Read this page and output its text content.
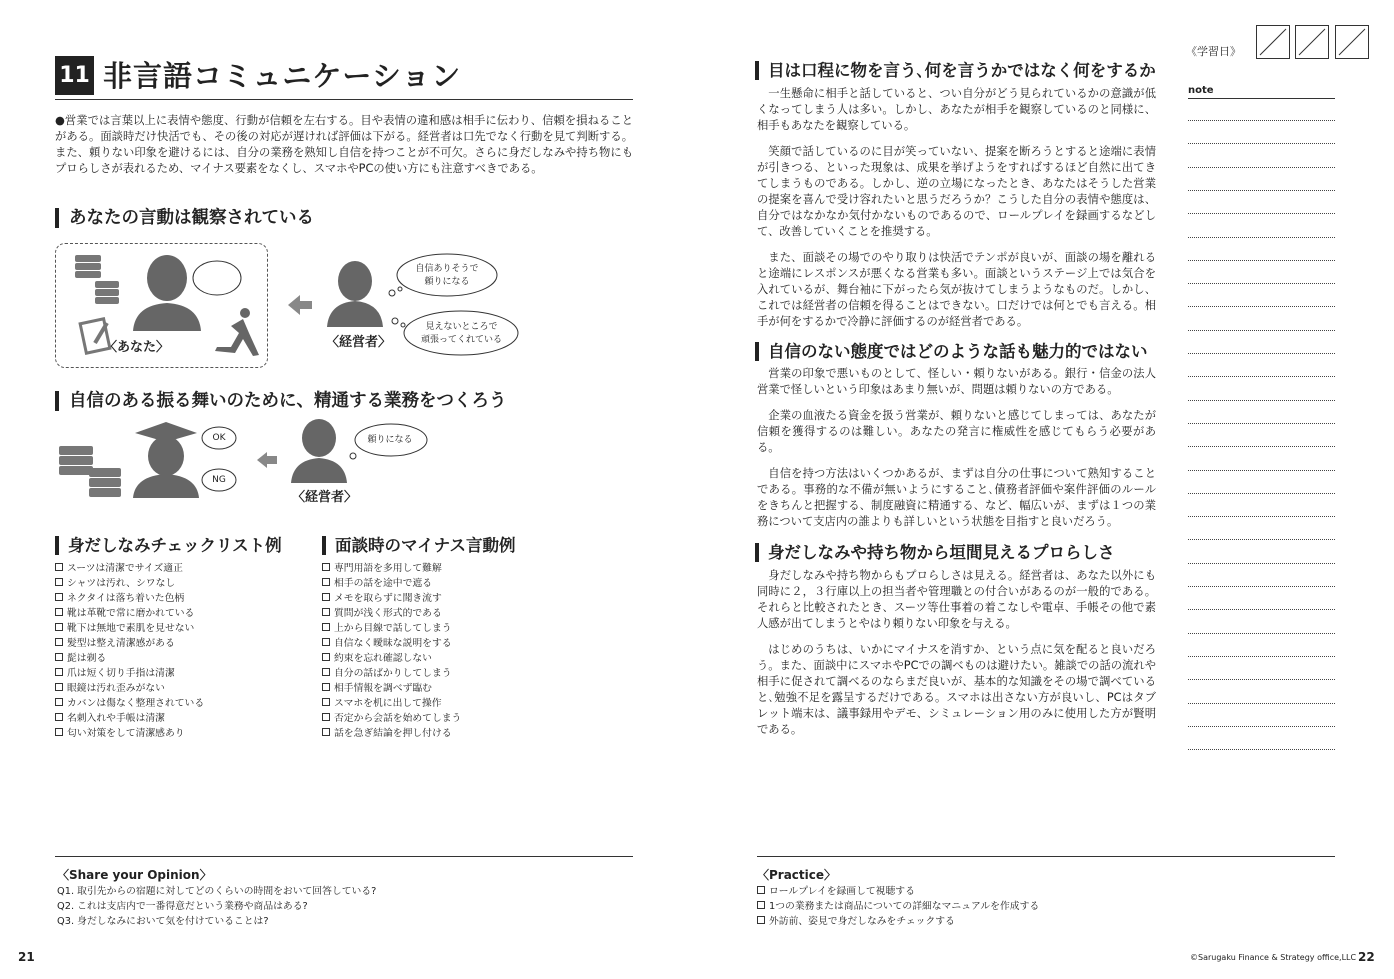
11 非言語コミュニケーション

●営業では言葉以上に表情や態度、行動が信頼を左右する。目や表情の違和感は相手に伝わり、信頼を損ねることがある。面談時だけ快活でも、その後の対応が遅ければ評価は下がる。経営者は口先でなく行動を見て判断する。また、頼りない印象を避けるには、自分の業務を熟知し自信を持つことが不可欠。さらに身だしなみや持ち物にもプロらしさが表れるため、マイナス要素をなくし、スマホやPCの使い方にも注意すべきである。

あなたの言動は観察されている
〈あなた〉	〈経営者〉
自信ありそうで
頼りになる
見えないところで
頑張ってくれている
自信のある振る舞いのために、精通する業務をつくろう
OK
NG
頼りになる
〈経営者〉
身だしなみチェックリスト例
スーツは清潔でサイズ適正
シャツは汚れ、シワなし
ネクタイは落ち着いた色柄
靴は革靴で常に磨かれている
靴下は無地で素肌を見せない
髪型は整え清潔感がある
髭は剃る
爪は短く切り手指は清潔
眼鏡は汚れ歪みがない
カバンは傷なく整理されている
名刺入れや手帳は清潔
匂い対策をして清潔感あり
面談時のマイナス言動例
専門用語を多用して難解
相手の話を途中で遮る
メモを取らずに聞き流す
質問が浅く形式的である
上から目線で話してしまう
自信なく曖昧な説明をする
約束を忘れ確認しない
自分の話ばかりしてしまう
相手情報を調べず臨む
スマホを机に出して操作
否定から会話を始めてしまう
話を急ぎ結論を押し付ける
〈Share your Opinion〉
Q1. 取引先からの宿題に対してどのくらいの時間をおいて回答している?
Q2. これは支店内で一番得意だという業務や商品はある?
Q3. 身だしなみにおいて気を付けていることは?
21
《学習日》
目は口程に物を言う､何を言うかではなく何をするか

一生懸命に相手と話していると、つい自分がどう見られているかの意識が低くなってしまう人は多い。しかし、あなたが相手を観察しているのと同様に、相手もあなたを観察している。

笑顔で話しているのに目が笑っていない、提案を断ろうとすると途端に表情が引きつる、といった現象は、成果を挙げようをすればするほど自然に出てきてしまうものである。しかし、逆の立場になったとき、あなたはそうした営業の提案を喜んで受け容れたいと思うだろうか？こうした自分の表情や態度は、自分ではなかなか気付かないものであるので、ロールプレイを録画するなどして、改善していくことを推奨する。

また、面談その場でのやり取りは快活でテンポが良いが、面談の場を離れると途端にレスポンスが悪くなる営業も多い。面談というステージ上では気合を入れているが、舞台袖に下がったら気が抜けてしまうようなものだ。しかし、これでは経営者の信頼を得ることはできない。口だけでは何とでも言える。相手が何をするかで冷静に評価するのが経営者である。

自信のない態度ではどのような話も魅力的ではない

営業の印象で悪いものとして、怪しい・頼りないがある。銀行・信金の法人営業で怪しいという印象はあまり無いが、問題は頼りないの方である。

企業の血液たる資金を扱う営業が、頼りないと感じてしまっては、あなたが信頼を獲得するのは難しい。あなたの発言に権威性を感じてもらう必要がある。

自信を持つ方法はいくつかあるが、まずは自分の仕事について熟知することである。事務的な不備が無いようにすること､債務者評価や案件評価のルールをきちんと把握する、制度融資に精通する、など、幅広いが、まずは１つの業務について支店内の誰よりも詳しいという状態を目指すと良いだろう。

身だしなみや持ち物から垣間見えるプロらしさ

身だしなみや持ち物からもプロらしさは見える。経営者は、あなた以外にも同時に２，３行庫以上の担当者や管理職との付合いがあるのが一般的である。それらと比較されたとき、スーツ等仕事着の着こなしや電卓、手帳その他で素人感が出てしまうとやはり頼りない印象を与える。

はじめのうちは、いかにマイナスを消すか、という点に気を配ると良いだろう。また、面談中にスマホやPCでの調べものは避けたい。雑談での話の流れや相手に促されて調べるのならまだ良いが、基本的な知識をその場で調べていると､勉強不足を露呈するだけである。スマホは出さない方が良いし、PCはタブレット端末は、議事録用やデモ、シミュレーション用のみに使用した方が賢明である。

note
〈Practice〉
ロールプレイを録画して視聴する
1つの業務または商品についての詳細なマニュアルを作成する
外訪前、姿見で身だしなみをチェックする
©Sarugaku Finance & Strategy office,LLC 22
